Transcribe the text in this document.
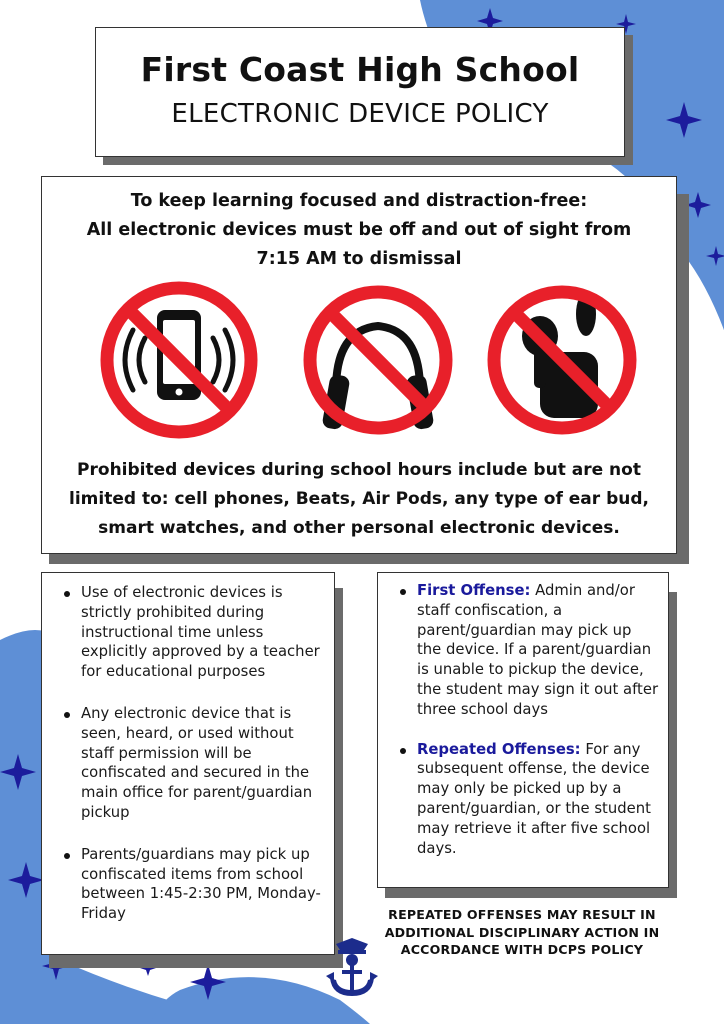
First Coast High School
ELECTRONIC DEVICE POLICY
To keep learning focused and distraction-free:
All electronic devices must be off and out of sight from
7:15 AM to dismissal
Prohibited devices during school hours include but are not limited to: cell phones, Beats, Air Pods, any type of ear bud, smart watches, and other personal electronic devices.
Use of electronic devices is strictly prohibited during instructional time unless explicitly approved by a teacher for educational purposes
Any electronic device that is seen, heard, or used without staff permission will be confiscated and secured in the main office for parent/guardian pickup
Parents/guardians may pick up confiscated items from school between 1:45-2:30 PM, Monday-Friday
First Offense: Admin and/or staff confiscation, a parent/guardian may pick up the device. If a parent/guardian is unable to pickup the device, the student may sign it out after three school days
Repeated Offenses: For any subsequent offense, the device may only be picked up by a parent/guardian, or the student may retrieve it after five school days.
REPEATED OFFENSES MAY RESULT IN ADDITIONAL DISCIPLINARY ACTION IN ACCORDANCE WITH DCPS POLICY
